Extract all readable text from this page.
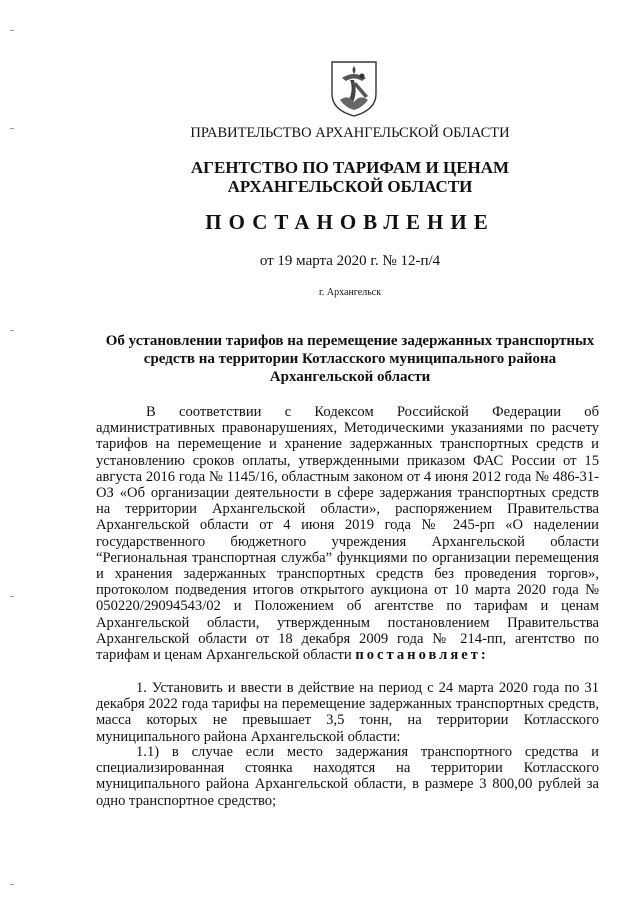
ПРАВИТЕЛЬСТВО АРХАНГЕЛЬСКОЙ ОБЛАСТИ
АГЕНТСТВО ПО ТАРИФАМ И ЦЕНАМ
АРХАНГЕЛЬСКОЙ ОБЛАСТИ
ПОСТАНОВЛЕНИЕ
от 19 марта 2020 г. № 12-п/4
г. Архангельск
Об установлении тарифов на перемещение задержанных транспортных
средств на территории Котласского муниципального района
Архангельской области
В соответствии с Кодексом Российской Федерации об административных правонарушениях, Методическими указаниями по расчету тарифов на перемещение и хранение задержанных транспортных средств и установлению сроков оплаты, утвержденными приказом ФАС России от 15 августа 2016 года № 1145/16, областным законом от 4 июня 2012 года № 486-31-ОЗ «Об организации деятельности в сфере задержания транспортных средств на территории Архангельской области», распоряжением Правительства Архангельской области от 4 июня 2019 года № 245-рп «О наделении государственного бюджетного учреждения Архангельской области “Региональная транспортная служба” функциями по организации перемещения и хранения задержанных транспортных средств без проведения торгов», протоколом подведения итогов открытого аукциона от 10 марта 2020 года № 050220/29094543/02 и Положением об агентстве по тарифам и ценам Архангельской области, утвержденным постановлением Правительства Архангельской области от 18 декабря 2009 года № 214-пп, агентство по тарифам и ценам Архангельской области постановляет:
1. Установить и ввести в действие на период с 24 марта 2020 года по 31 декабря 2022 года тарифы на перемещение задержанных транспортных средств, масса которых не превышает 3,5 тонн, на территории Котласского муниципального района Архангельской области:
1.1) в случае если место задержания транспортного средства и специализированная стоянка находятся на территории Котласского муниципального района Архангельской области, в размере 3 800,00 рублей за одно транспортное средство;
